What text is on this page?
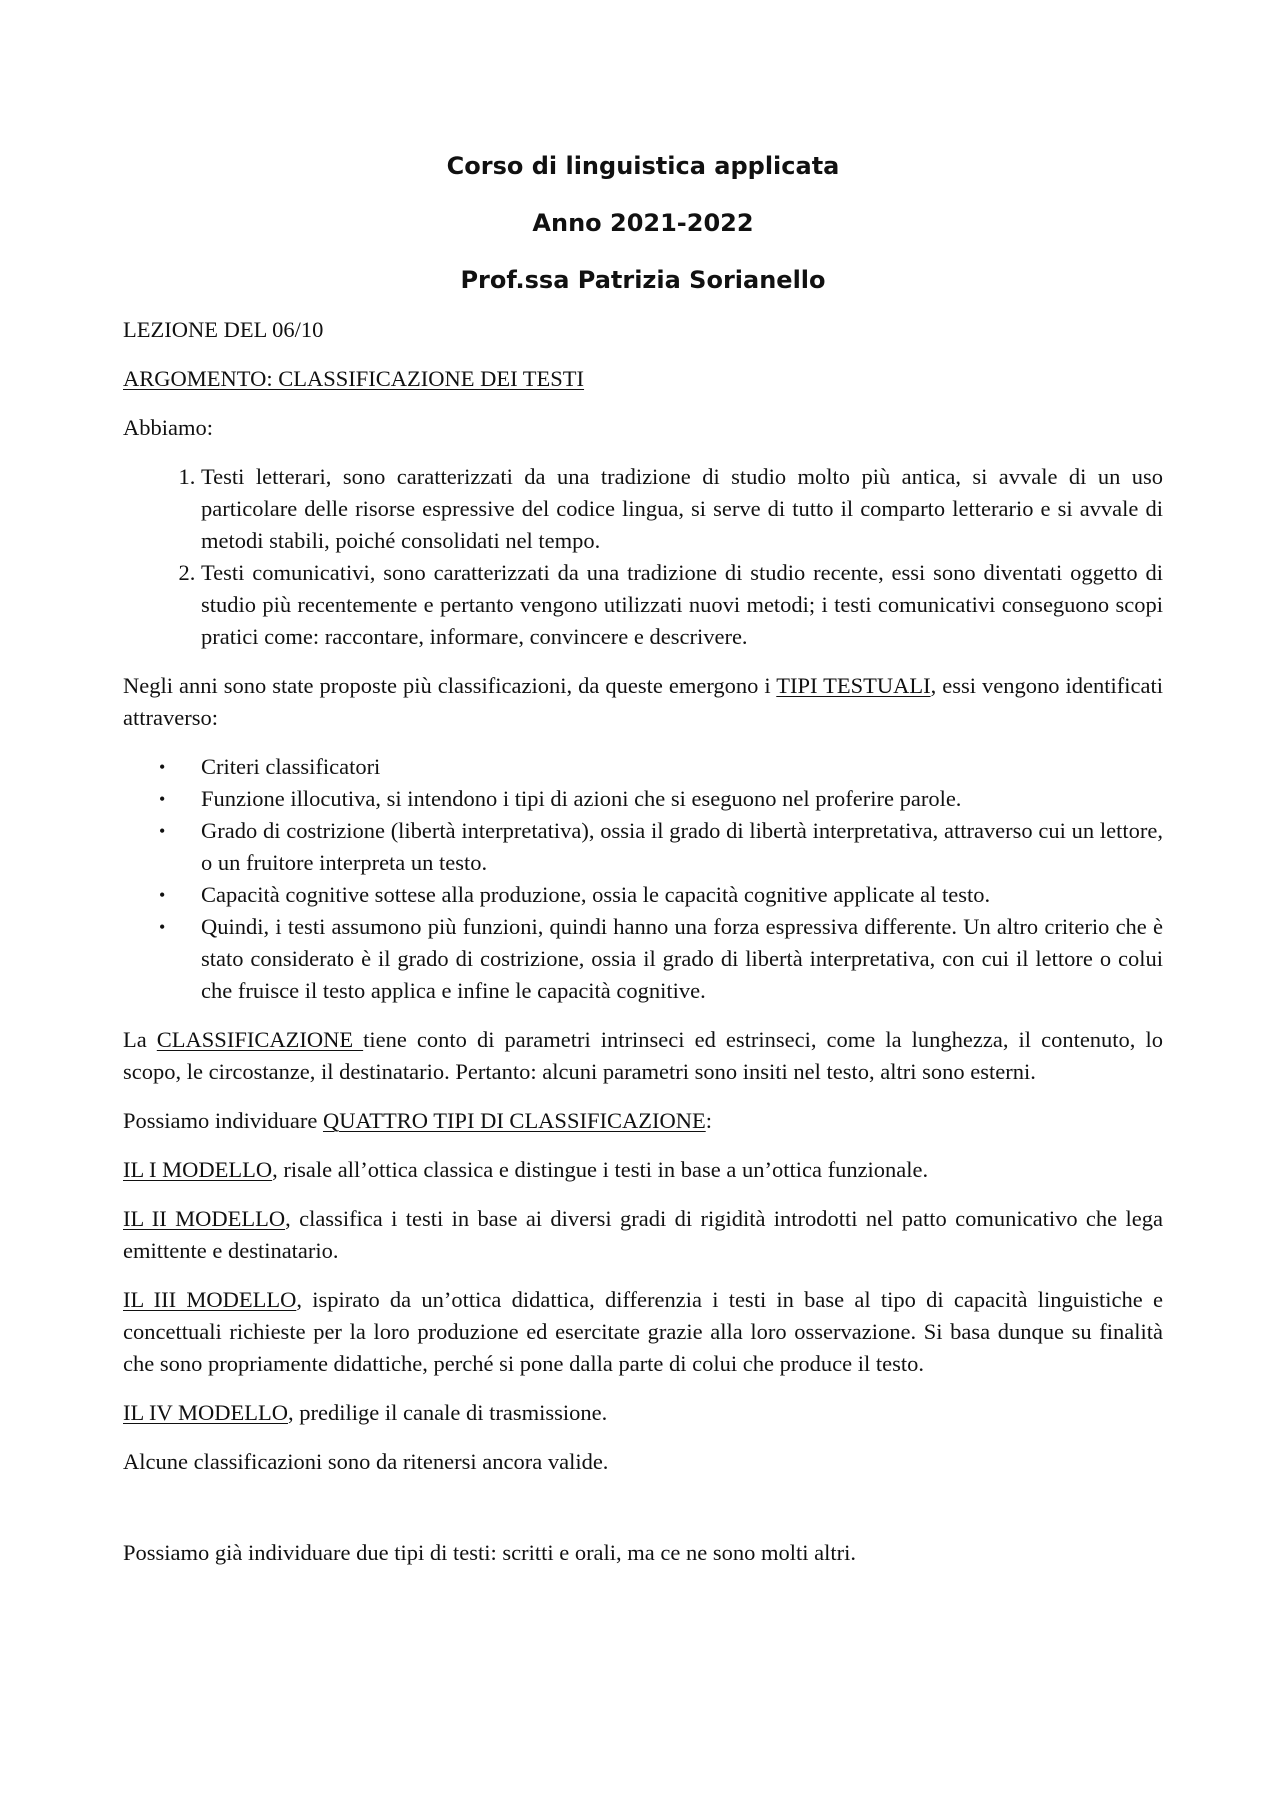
Corso di linguistica applicata
Anno 2021-2022
Prof.ssa Patrizia Sorianello

LEZIONE DEL 06/10

ARGOMENTO: CLASSIFICAZIONE DEI TESTI

Abbiamo:

1. Testi letterari, sono caratterizzati da una tradizione di studio molto più antica, si avvale di un uso particolare delle risorse espressive del codice lingua, si serve di tutto il comparto letterario e si avvale di metodi stabili, poiché consolidati nel tempo.
2. Testi comunicativi, sono caratterizzati da una tradizione di studio recente, essi sono diventati oggetto di studio più recentemente e pertanto vengono utilizzati nuovi metodi; i testi comunicativi conseguono scopi pratici come: raccontare, informare, convincere e descrivere.

Negli anni sono state proposte più classificazioni, da queste emergono i TIPI TESTUALI, essi vengono identificati attraverso:

• Criteri classificatori
• Funzione illocutiva, si intendono i tipi di azioni che si eseguono nel proferire parole.
• Grado di costrizione (libertà interpretativa), ossia il grado di libertà interpretativa, attraverso cui un lettore, o un fruitore interpreta un testo.
• Capacità cognitive sottese alla produzione, ossia le capacità cognitive applicate al testo.
• Quindi, i testi assumono più funzioni, quindi hanno una forza espressiva differente. Un altro criterio che è stato considerato è il grado di costrizione, ossia il grado di libertà interpretativa, con cui il lettore o colui che fruisce il testo applica e infine le capacità cognitive.

La CLASSIFICAZIONE tiene conto di parametri intrinseci ed estrinseci, come la lunghezza, il contenuto, lo scopo, le circostanze, il destinatario. Pertanto: alcuni parametri sono insiti nel testo, altri sono esterni.

Possiamo individuare QUATTRO TIPI DI CLASSIFICAZIONE:

IL I MODELLO, risale all’ottica classica e distingue i testi in base a un’ottica funzionale.

IL II MODELLO, classifica i testi in base ai diversi gradi di rigidità introdotti nel patto comunicativo che lega emittente e destinatario.

IL III MODELLO, ispirato da un’ottica didattica, differenzia i testi in base al tipo di capacità linguistiche e concettuali richieste per la loro produzione ed esercitate grazie alla loro osservazione. Si basa dunque su finalità che sono propriamente didattiche, perché si pone dalla parte di colui che produce il testo.

IL IV MODELLO, predilige il canale di trasmissione.

Alcune classificazioni sono da ritenersi ancora valide.

Possiamo già individuare due tipi di testi: scritti e orali, ma ce ne sono molti altri.
